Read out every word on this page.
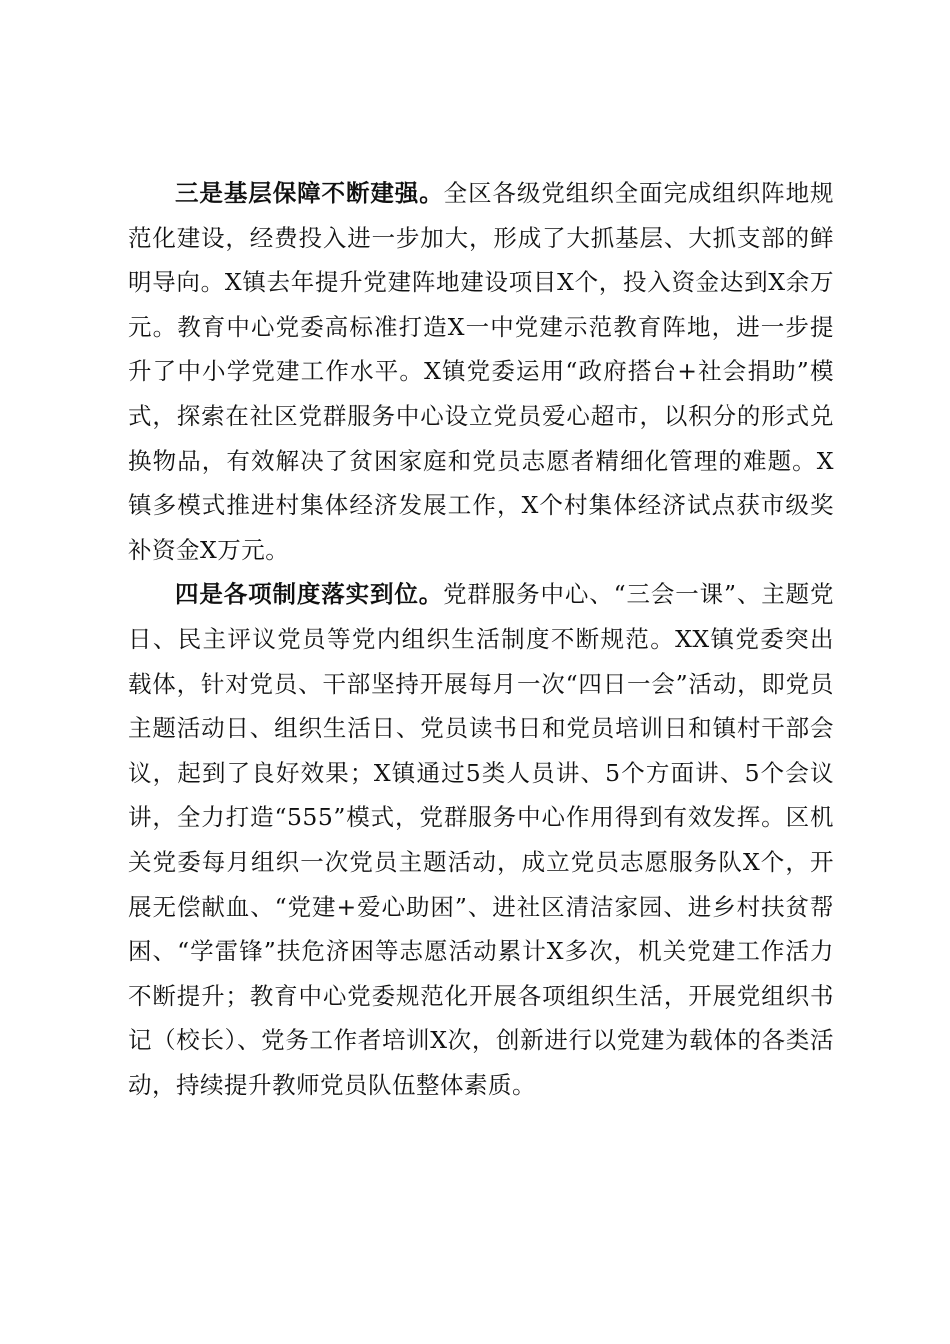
三是基层保障不断建强。全区各级党组织全面完成组织阵地规范化建设，经费投入进一步加大，形成了大抓基层、大抓支部的鲜明导向。X镇去年提升党建阵地建设项目X个，投入资金达到X余万元。教育中心党委高标准打造X一中党建示范教育阵地，进一步提升了中小学党建工作水平。X镇党委运用“政府搭台+社会捐助”模式，探索在社区党群服务中心设立党员爱心超市，以积分的形式兑换物品，有效解决了贫困家庭和党员志愿者精细化管理的难题。X镇多模式推进村集体经济发展工作，X个村集体经济试点获市级奖补资金X万元。

四是各项制度落实到位。党群服务中心、“三会一课”、主题党日、民主评议党员等党内组织生活制度不断规范。XX镇党委突出载体，针对党员、干部坚持开展每月一次“四日一会”活动，即党员主题活动日、组织生活日、党员读书日和党员培训日和镇村干部会议，起到了良好效果；X镇通过5类人员讲、5个方面讲、5个会议讲，全力打造“555”模式，党群服务中心作用得到有效发挥。区机关党委每月组织一次党员主题活动，成立党员志愿服务队X个，开展无偿献血、“党建+爱心助困”、进社区清洁家园、进乡村扶贫帮困、“学雷锋”扶危济困等志愿活动累计X多次，机关党建工作活力不断提升；教育中心党委规范化开展各项组织生活，开展党组织书记（校长）、党务工作者培训X次，创新进行以党建为载体的各类活动，持续提升教师党员队伍整体素质。
